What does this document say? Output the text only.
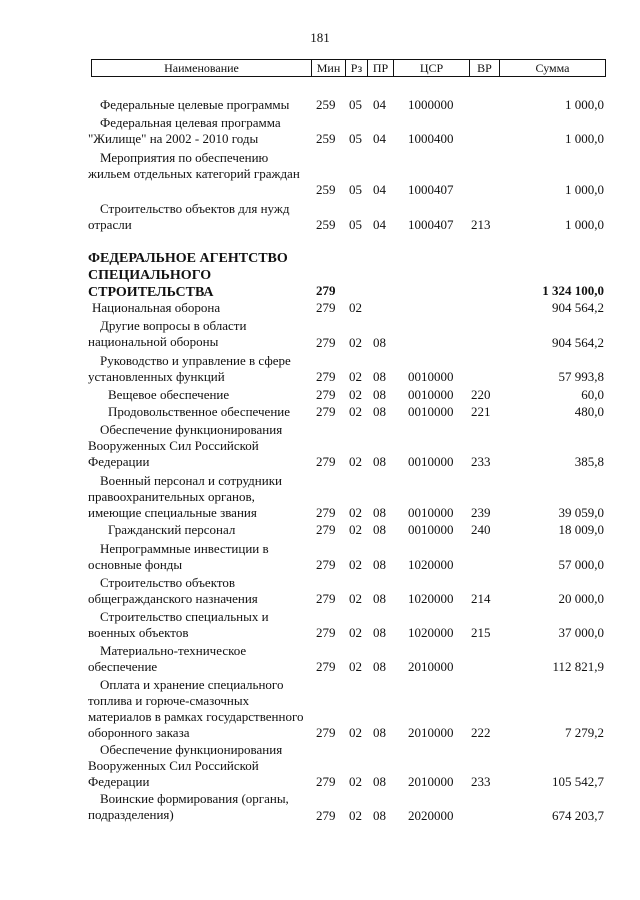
181
Наименование	Мин Рз ПР	ЦСР	ВР	Сумма
Федеральные целевые программы	259 05 04 1000000	1 000,0
Федеральная целевая программа "Жилище" на 2002 - 2010 годы	259 05 04 1000400	1 000,0
Мероприятия по обеспечению жильем отдельных категорий граждан
259 05 04 1000407	1 000,0
Строительство объектов для нужд отрасли	259 05 04 1000407 213	1 000,0
ФЕДЕРАЛЬНОЕ АГЕНТСТВО СПЕЦИАЛЬНОГО СТРОИТЕЛЬСТВА	279	1 324 100,0
Национальная оборона	279 02	904 564,2
Другие вопросы в области национальной обороны	279 02 08	904 564,2
Руководство и управление в сфере установленных функций	279 02 08 0010000	57 993,8
Вещевое обеспечение	279 02 08 0010000 220	60,0
Продовольственное обеспечение	279 02 08 0010000 221	480,0
Обеспечение функционирования Вооруженных Сил Российской Федерации	279 02 08 0010000 233	385,8
Военный персонал и сотрудники правоохранительных органов, имеющие специальные звания	279 02 08 0010000 239	39 059,0
Гражданский персонал	279 02 08 0010000 240	18 009,0
Непрограммные инвестиции в основные фонды	279 02 08 1020000	57 000,0
Строительство объектов общегражданского назначения	279 02 08 1020000 214	20 000,0
Строительство специальных и военных объектов	279 02 08 1020000 215	37 000,0
Материально-техническое обеспечение	279 02 08 2010000	112 821,9
Оплата и хранение специального топлива и горюче-смазочных материалов в рамках государственного оборонного заказа	279 02 08 2010000 222	7 279,2
Обеспечение функционирования Вооруженных Сил Российской Федерации	279 02 08 2010000 233	105 542,7
Воинские формирования (органы, подразделения)	279 02 08 2020000	674 203,7
